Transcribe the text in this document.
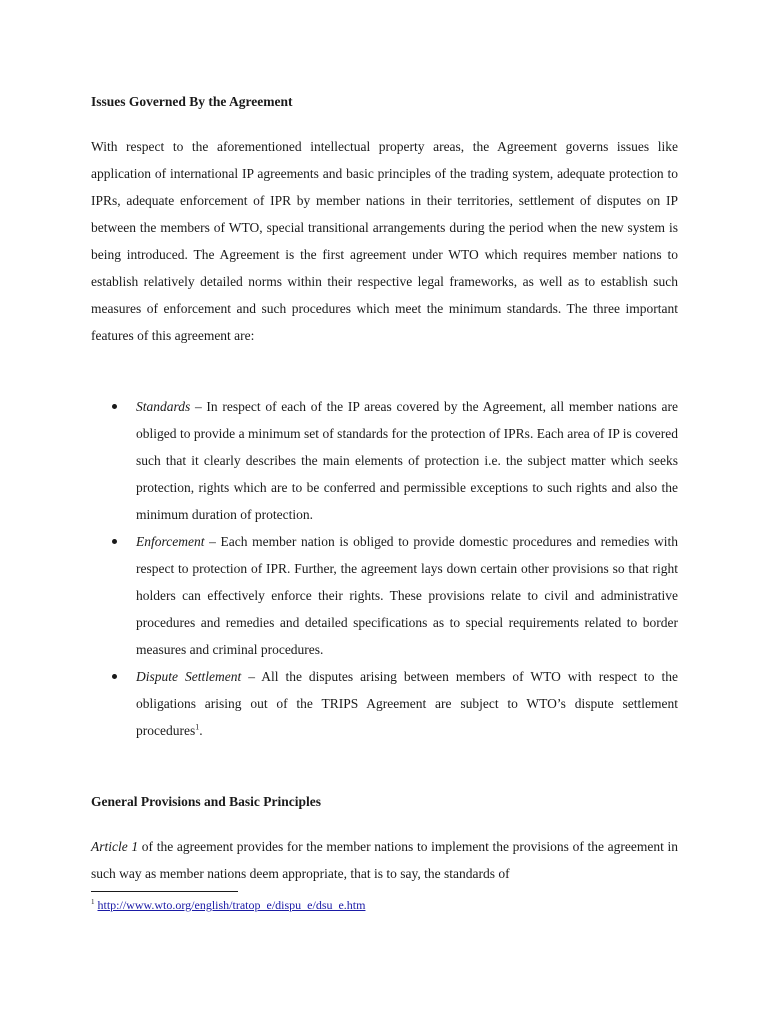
Issues Governed By the Agreement

With respect to the aforementioned intellectual property areas, the Agreement governs issues like application of international IP agreements and basic principles of the trading system, adequate protection to IPRs, adequate enforcement of IPR by member nations in their territories, settlement of disputes on IP between the members of WTO, special transitional arrangements during the period when the new system is being introduced. The Agreement is the first agreement under WTO which requires member nations to establish relatively detailed norms within their respective legal frameworks, as well as to establish such measures of enforcement and such procedures which meet the minimum standards. The three important features of this agreement are:

Standards – In respect of each of the IP areas covered by the Agreement, all member nations are obliged to provide a minimum set of standards for the protection of IPRs. Each area of IP is covered such that it clearly describes the main elements of protection i.e. the subject matter which seeks protection, rights which are to be conferred and permissible exceptions to such rights and also the minimum duration of protection.
Enforcement – Each member nation is obliged to provide domestic procedures and remedies with respect to protection of IPR. Further, the agreement lays down certain other provisions so that right holders can effectively enforce their rights. These provisions relate to civil and administrative procedures and remedies and detailed specifications as to special requirements related to border measures and criminal procedures.
Dispute Settlement – All the disputes arising between members of WTO with respect to the obligations arising out of the TRIPS Agreement are subject to WTO’s dispute settlement procedures$^1$.
General Provisions and Basic Principles

Article 1 of the agreement provides for the member nations to implement the provisions of the agreement in such way as member nations deem appropriate, that is to say, the standards of

$^1$ http://www.wto.org/english/tratop_e/dispu_e/dsu_e.htm
